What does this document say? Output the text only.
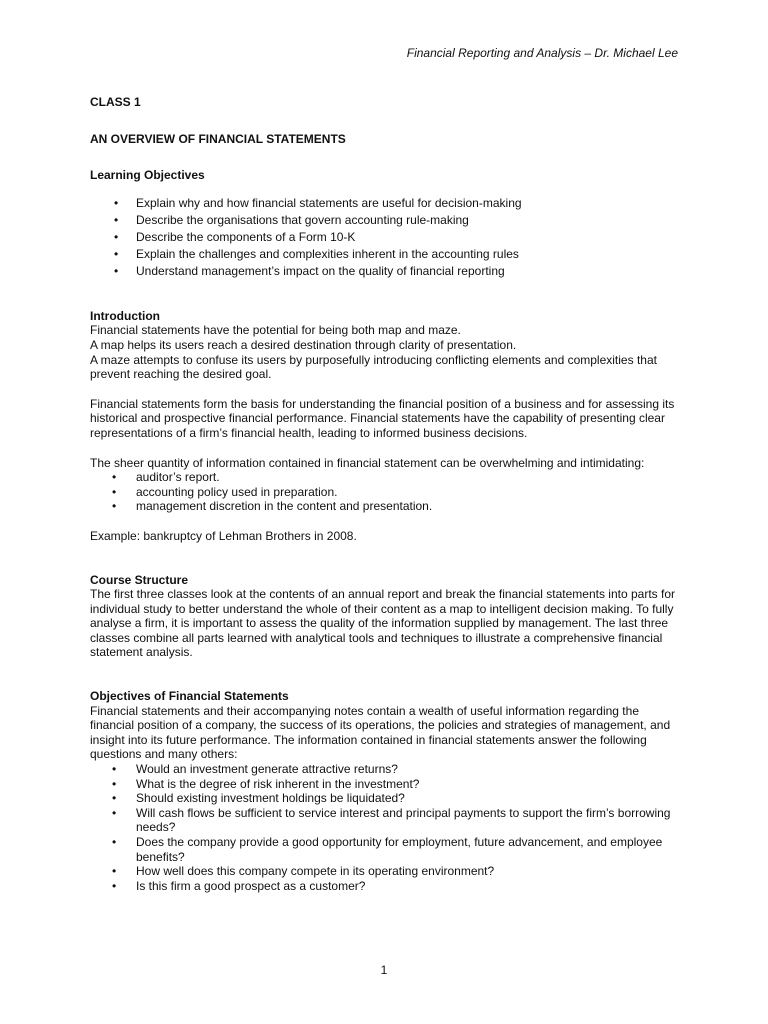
Financial Reporting and Analysis – Dr. Michael Lee

CLASS 1

AN OVERVIEW OF FINANCIAL STATEMENTS

Learning Objectives

• Explain why and how financial statements are useful for decision-making
• Describe the organisations that govern accounting rule-making
• Describe the components of a Form 10-K
• Explain the challenges and complexities inherent in the accounting rules
• Understand management’s impact on the quality of financial reporting

Introduction

Financial statements have the potential for being both map and maze.

A map helps its users reach a desired destination through clarity of presentation.

A maze attempts to confuse its users by purposefully introducing conflicting elements and complexities that prevent reaching the desired goal.

Financial statements form the basis for understanding the financial position of a business and for assessing its historical and prospective financial performance. Financial statements have the capability of presenting clear representations of a firm’s financial health, leading to informed business decisions.

The sheer quantity of information contained in financial statement can be overwhelming and intimidating:

• auditor’s report.
• accounting policy used in preparation.
• management discretion in the content and presentation.

Example: bankruptcy of Lehman Brothers in 2008.

Course Structure

The first three classes look at the contents of an annual report and break the financial statements into parts for individual study to better understand the whole of their content as a map to intelligent decision making. To fully analyse a firm, it is important to assess the quality of the information supplied by management. The last three classes combine all parts learned with analytical tools and techniques to illustrate a comprehensive financial statement analysis.

Objectives of Financial Statements

Financial statements and their accompanying notes contain a wealth of useful information regarding the financial position of a company, the success of its operations, the policies and strategies of management, and insight into its future performance. The information contained in financial statements answer the following questions and many others:

• Would an investment generate attractive returns?
• What is the degree of risk inherent in the investment?
• Should existing investment holdings be liquidated?
• Will cash flows be sufficient to service interest and principal payments to support the firm’s borrowing needs?
• Does the company provide a good opportunity for employment, future advancement, and employee benefits?
• How well does this company compete in its operating environment?
• Is this firm a good prospect as a customer?
1
